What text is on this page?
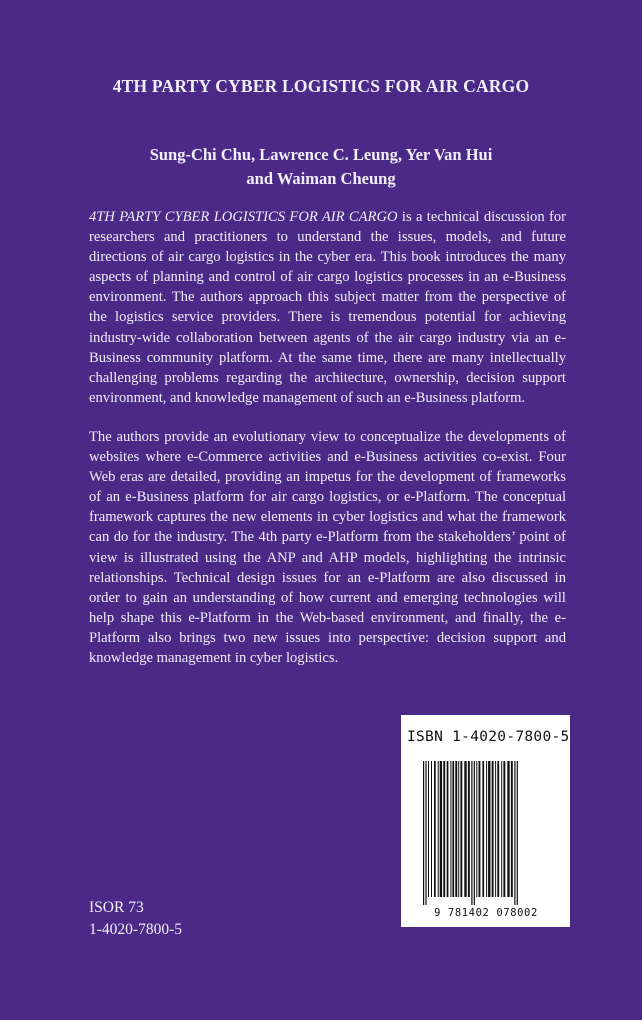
4TH PARTY CYBER LOGISTICS FOR AIR CARGO
Sung-Chi Chu, Lawrence C. Leung, Yer Van Hui
and Waiman Cheung

4TH PARTY CYBER LOGISTICS FOR AIR CARGO is a technical discussion for researchers and practitioners to understand the issues, models, and future directions of air cargo logistics in the cyber era. This book introduces the many aspects of planning and control of air cargo logistics processes in an e-Business environment. The authors approach this subject matter from the perspective of the logistics service providers. There is tremendous potential for achieving industry-wide collaboration between agents of the air cargo industry via an e-Business community platform. At the same time, there are many intellectually challenging problems regarding the architecture, ownership, decision support environment, and knowledge management of such an e-Business platform.

The authors provide an evolutionary view to conceptualize the developments of websites where e-Commerce activities and e-Business activities co-exist. Four Web eras are detailed, providing an impetus for the development of frameworks of an e-Business platform for air cargo logistics, or e-Platform. The conceptual framework captures the new elements in cyber logistics and what the framework can do for the industry. The 4th party e-Platform from the stakeholders’ point of view is illustrated using the ANP and AHP models, highlighting the intrinsic relationships. Technical design issues for an e-Platform are also discussed in order to gain an understanding of how current and emerging technologies will help shape this e-Platform in the Web-based environment, and finally, the e-Platform also brings two new issues into perspective: decision support and knowledge management in cyber logistics.

ISOR 73
1-4020-7800-5
ISBN 1-4020-7800-5
9 781402 078002
